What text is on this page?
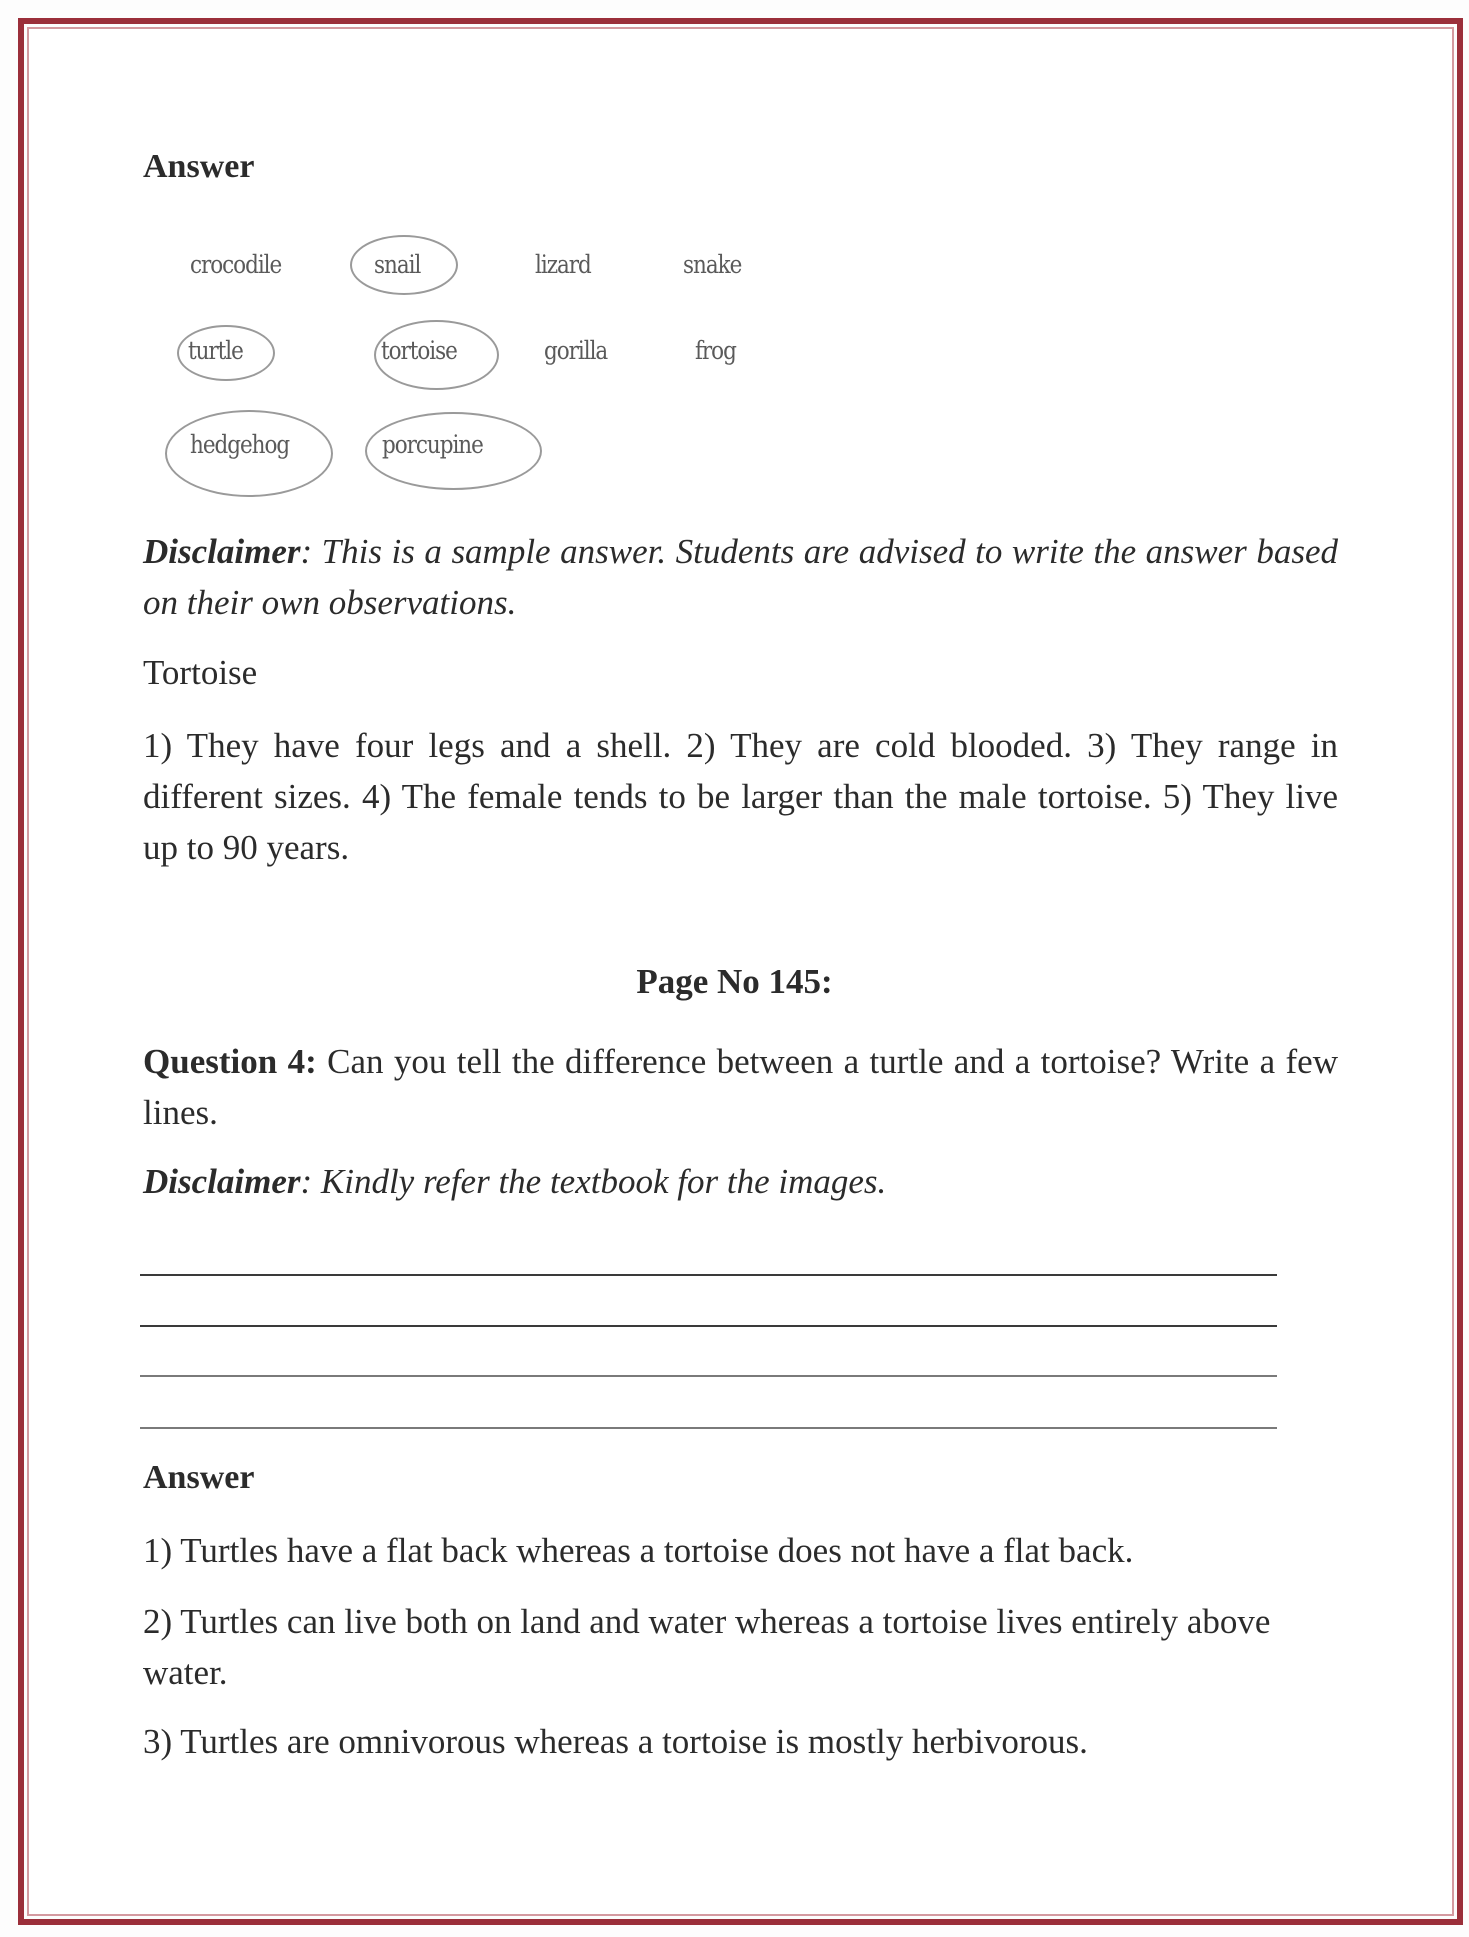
Answer
crocodile	snail	lizard	snake
turtle	tortoise	gorilla	frog
hedgehog	porcupine
Disclaimer: This is a sample answer. Students are advised to write the answer based on their own observations.
Tortoise
1) They have four legs and a shell. 2) They are cold blooded. 3) They range in different sizes. 4) The female tends to be larger than the male tortoise. 5) They live up to 90 years.
Page No 145:
Question 4: Can you tell the difference between a turtle and a tortoise? Write a few lines.
Disclaimer: Kindly refer the textbook for the images.
Answer
1) Turtles have a flat back whereas a tortoise does not have a flat back.
2) Turtles can live both on land and water whereas a tortoise lives entirely above water.
3) Turtles are omnivorous whereas a tortoise is mostly herbivorous.
